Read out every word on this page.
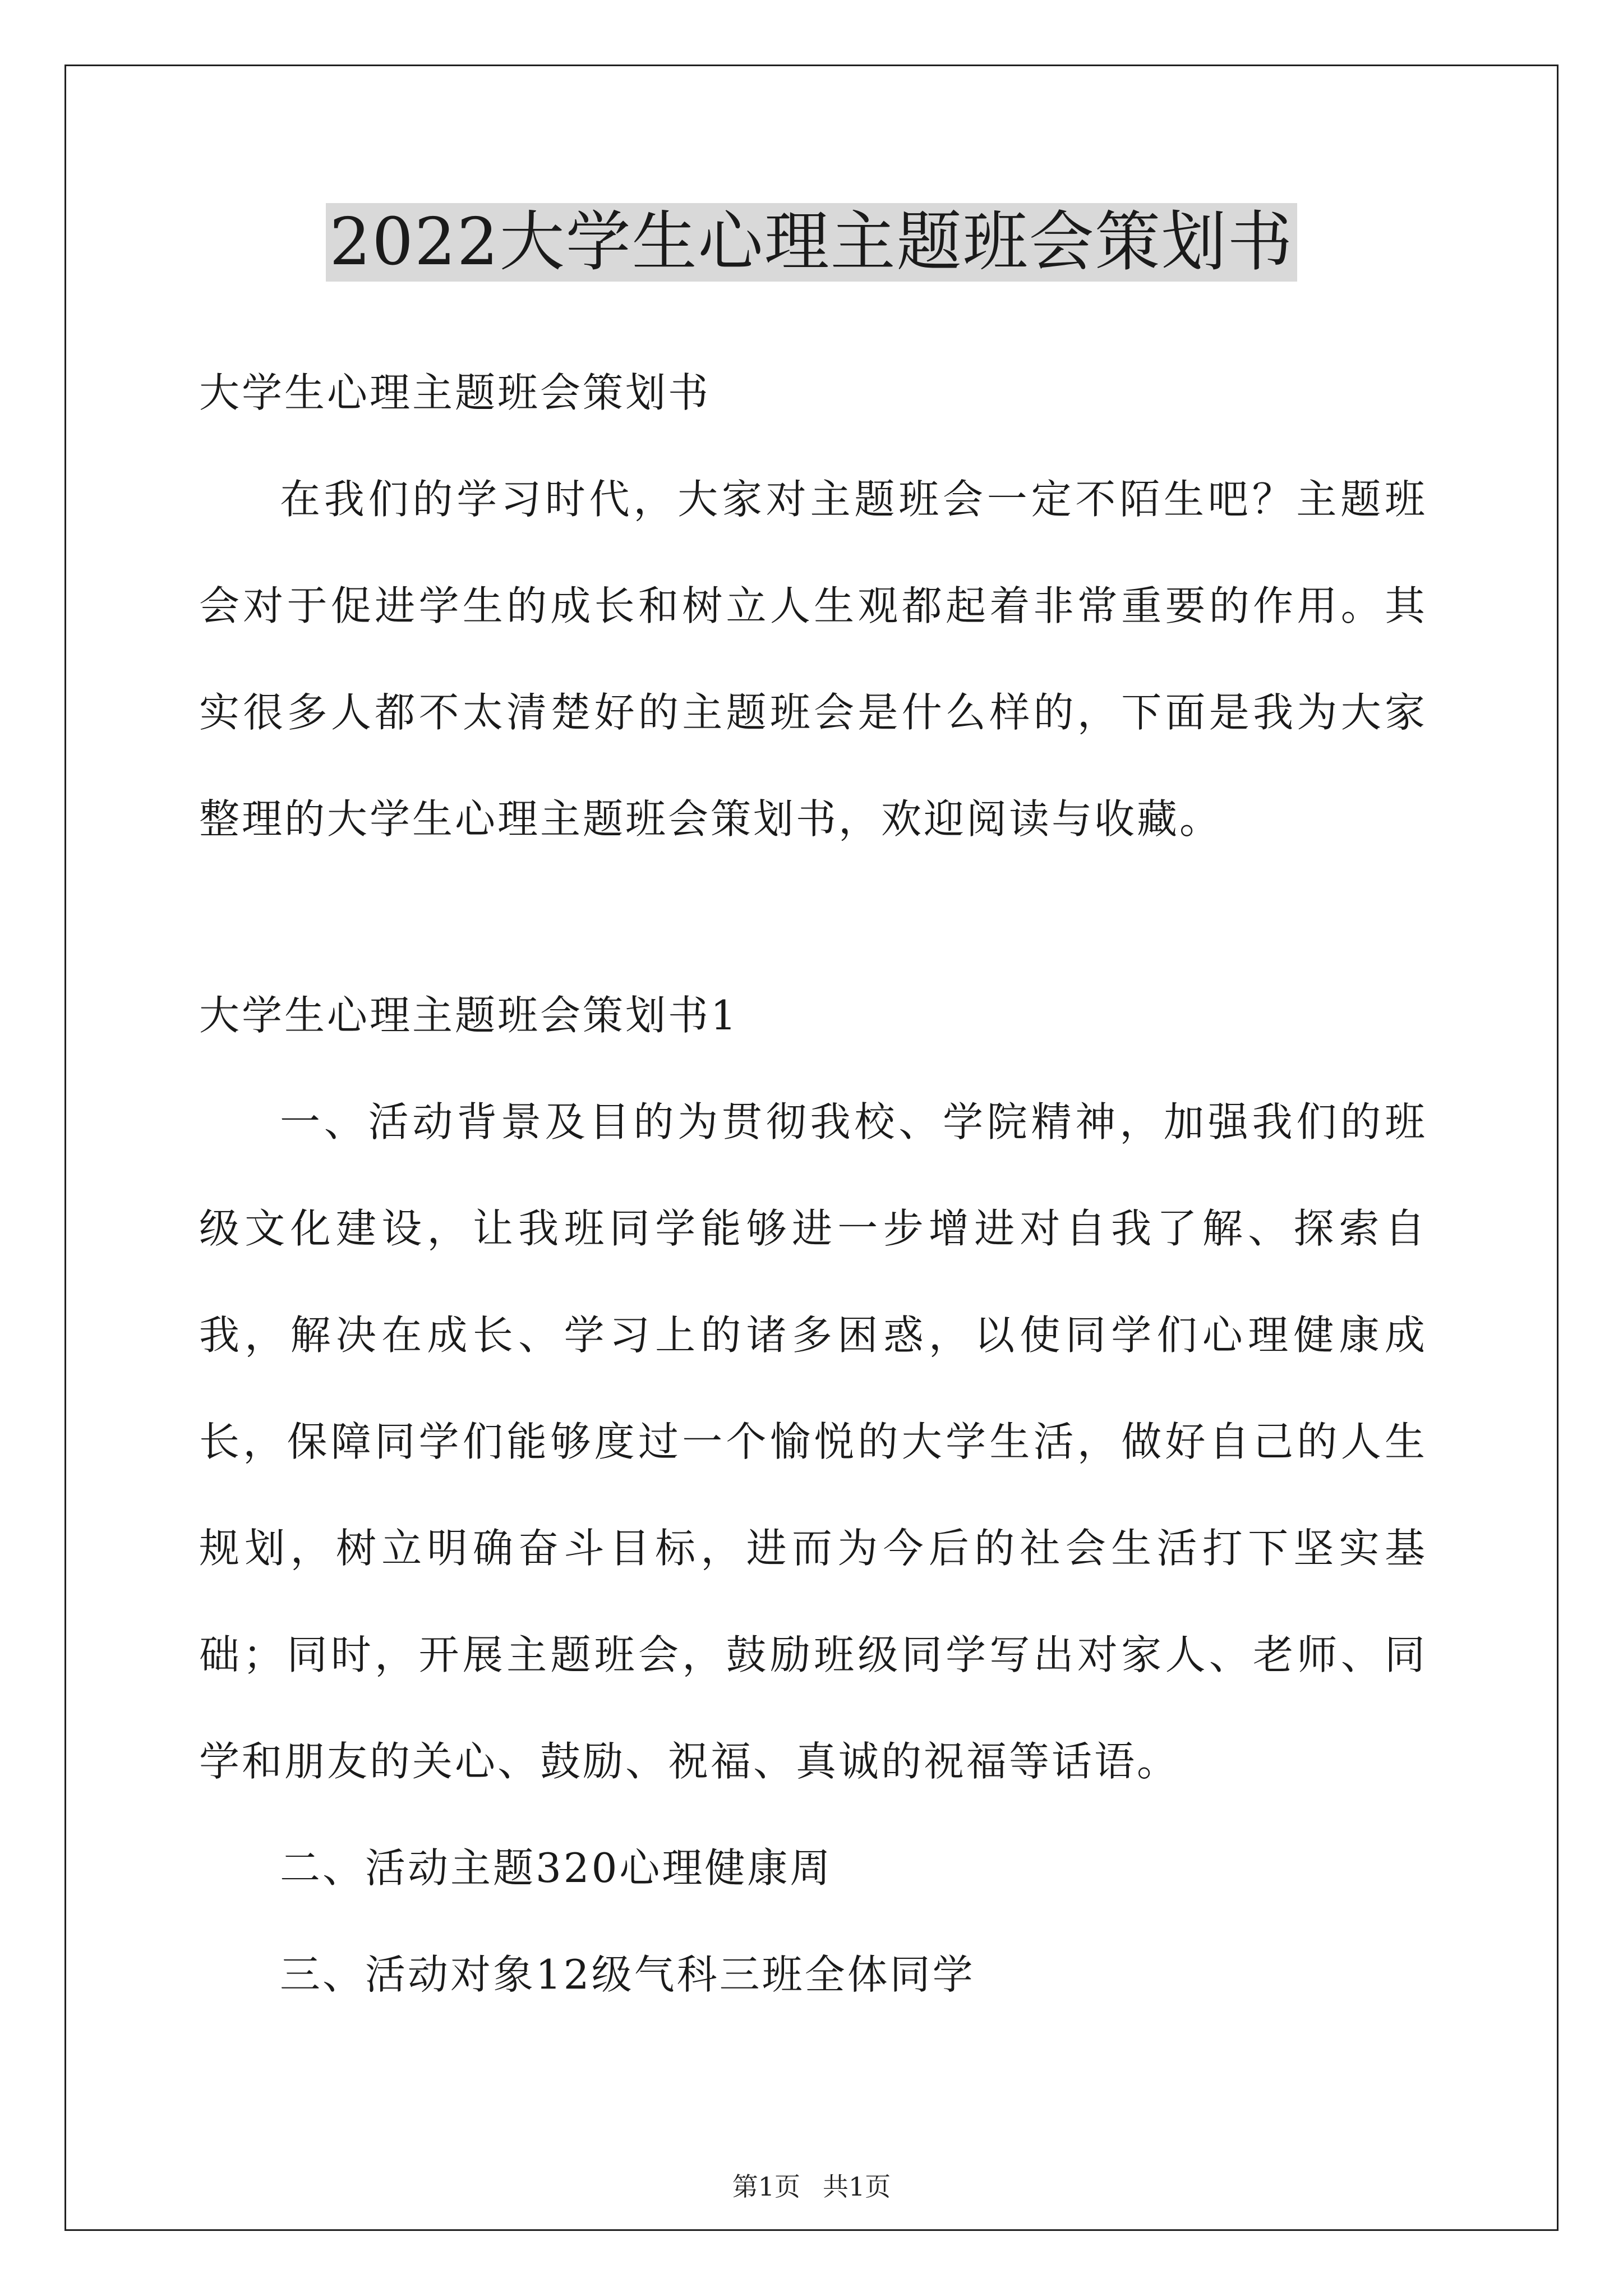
2022大学生心理主题班会策划书

大学生心理主题班会策划书

在我们的学习时代，大家对主题班会一定不陌生吧？主题班会对于促进学生的成长和树立人生观都起着非常重要的作用。其实很多人都不太清楚好的主题班会是什么样的，下面是我为大家整理的大学生心理主题班会策划书，欢迎阅读与收藏。

大学生心理主题班会策划书1

一、活动背景及目的为贯彻我校、学院精神，加强我们的班级文化建设，让我班同学能够进一步增进对自我了解、探索自我，解决在成长、学习上的诸多困惑，以使同学们心理健康成长，保障同学们能够度过一个愉悦的大学生活，做好自己的人生规划，树立明确奋斗目标，进而为今后的社会生活打下坚实基础；同时，开展主题班会，鼓励班级同学写出对家人、老师、同学和朋友的关心、鼓励、祝福、真诚的祝福等话语。

二、活动主题320心理健康周

三、活动对象12级气科三班全体同学

第1页 共1页
